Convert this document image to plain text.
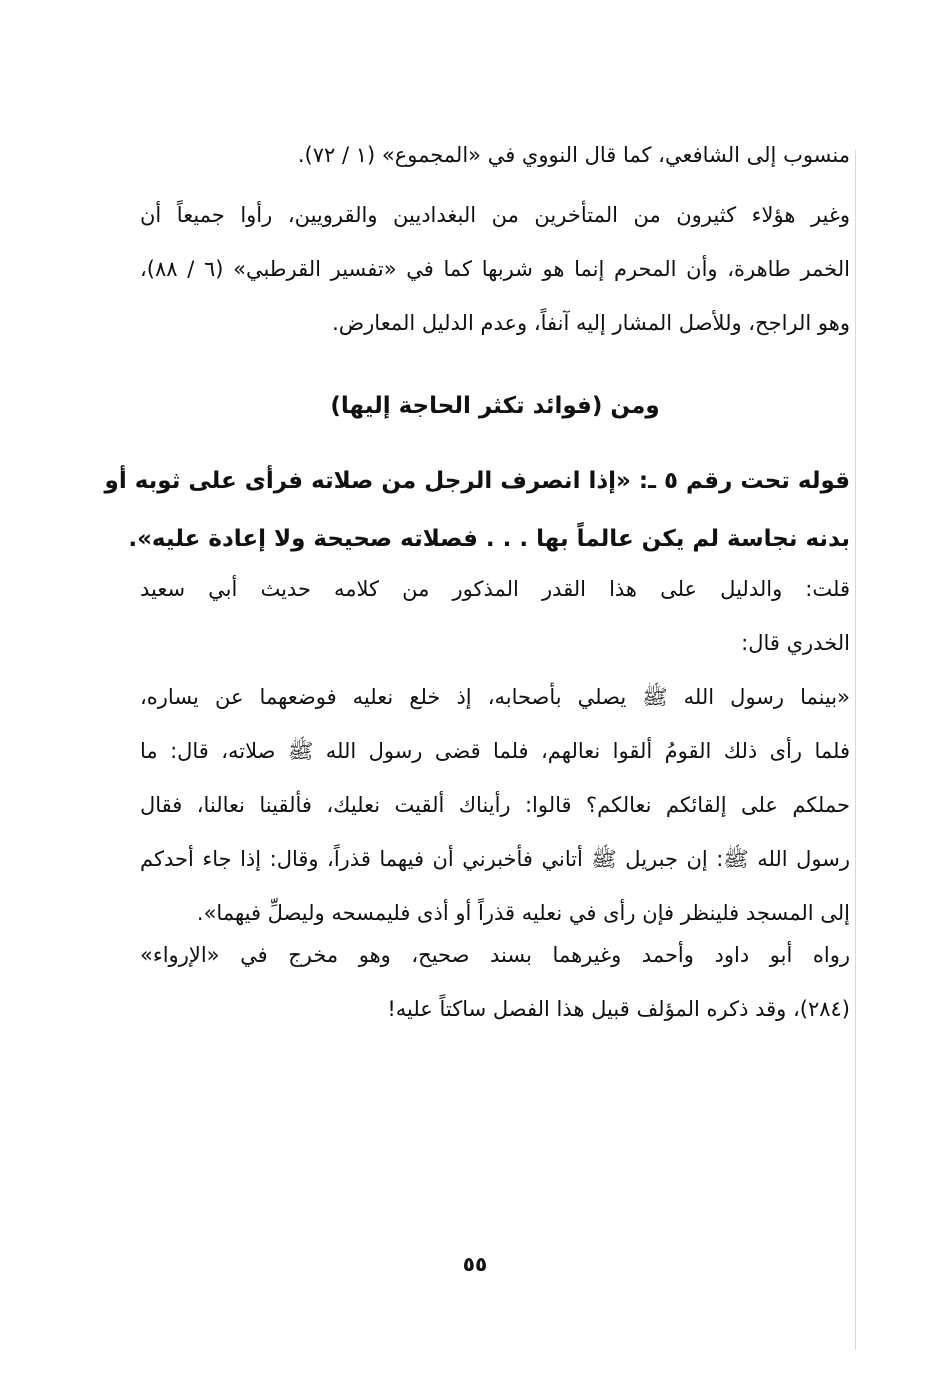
منسوب إلى الشافعي، كما قال النووي في «المجموع» (١ / ٧٢).
وغير هؤلاء كثيرون من المتأخرين من البغداديين والقرويين، رأوا جميعاً أن
الخمر طاهرة، وأن المحرم إنما هو شربها كما في «تفسير القرطبي» (٦ / ٨٨)،
وهو الراجح، وللأصل المشار إليه آنفاً، وعدم الدليل المعارض.
ومن (فوائد تكثر الحاجة إليها)
قوله تحت رقم ٥ ـ: «إذا انصرف الرجل من صلاته فرأى على ثوبه أو
بدنه نجاسة لم يكن عالماً بها . . . فصلاته صحيحة ولا إعادة عليه».
قلت: والدليل على هذا القدر المذكور من كلامه حديث أبي سعيد
الخدري قال:
«بينما رسول الله ﷺ يصلي بأصحابه، إذ خلع نعليه فوضعهما عن يساره،
فلما رأى ذلك القومُ ألقوا نعالهم، فلما قضى رسول الله ﷺ صلاته، قال: ما
حملكم على إلقائكم نعالكم؟ قالوا: رأيناك ألقيت نعليك، فألقينا نعالنا، فقال
رسول الله ﷺ: إن جبريل ﷺ أتاني فأخبرني أن فيهما قذراً، وقال: إذا جاء أحدكم
إلى المسجد فلينظر فإن رأى في نعليه قذراً أو أذى فليمسحه وليصلِّ فيهما».
رواه أبو داود وأحمد وغيرهما بسند صحيح، وهو مخرج في «الإرواء»
(٢٨٤)، وقد ذكره المؤلف قبيل هذا الفصل ساكتاً عليه!
٥٥
